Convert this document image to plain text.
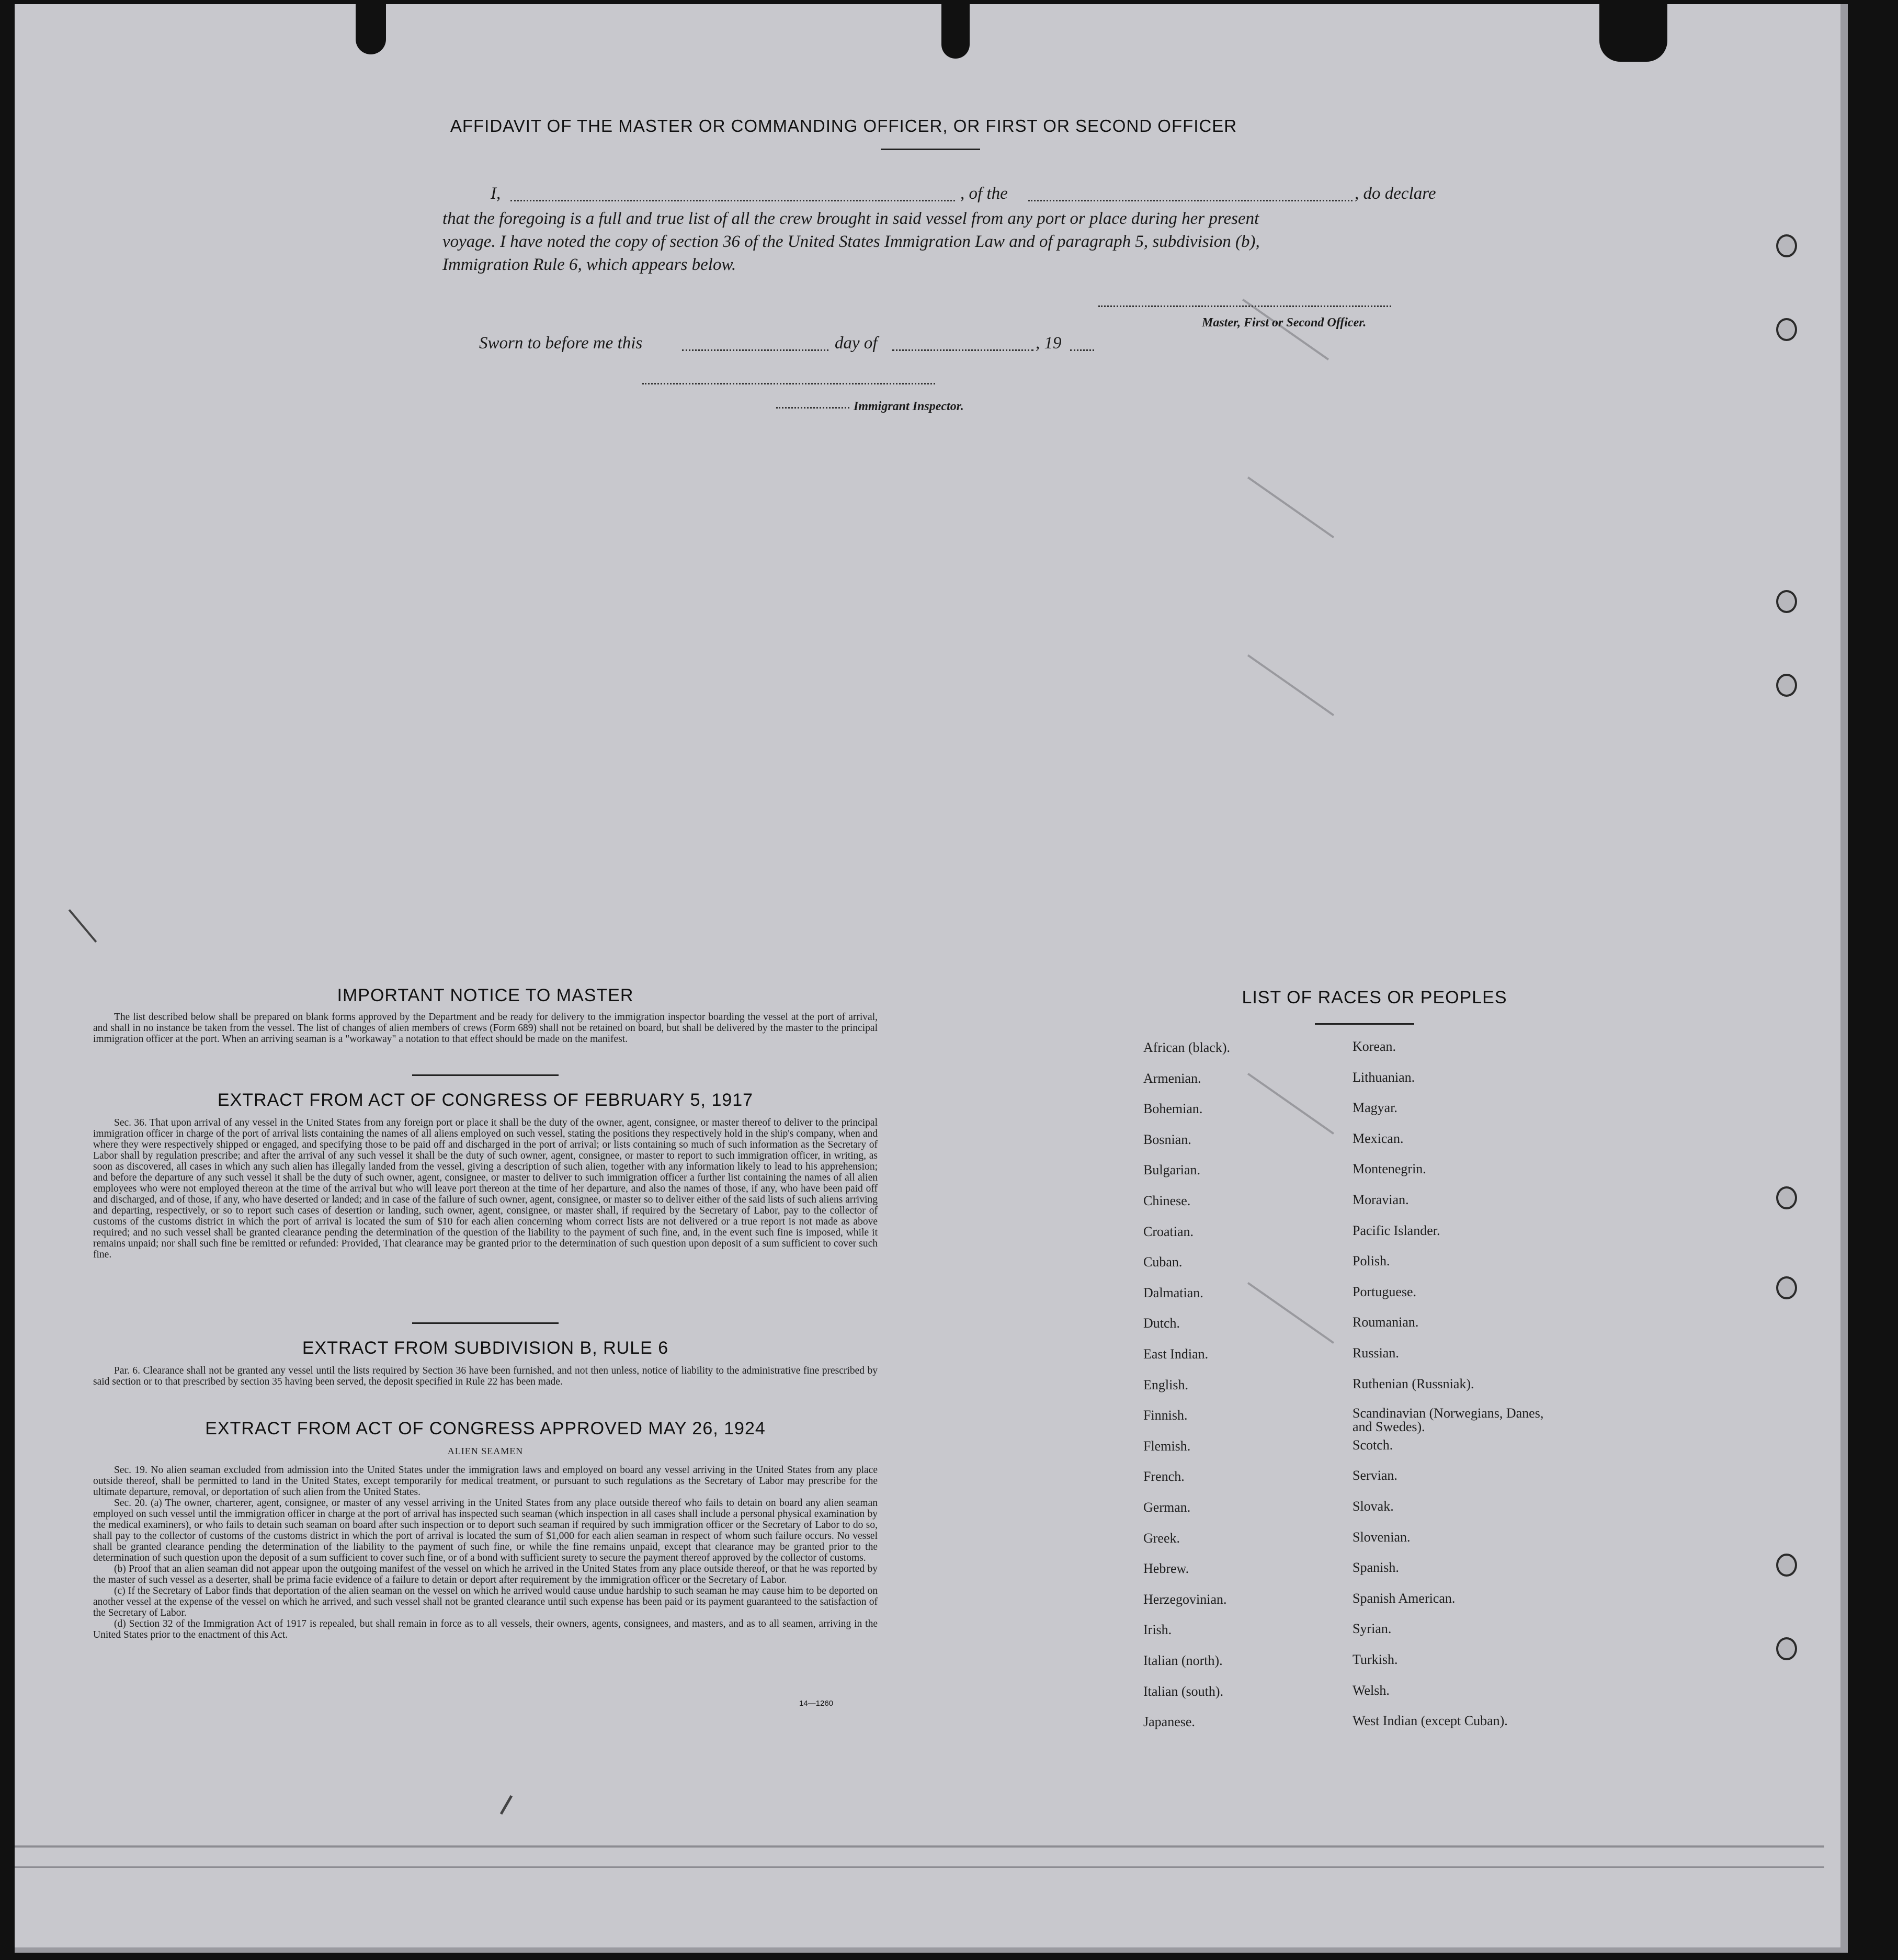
AFFIDAVIT OF THE MASTER OR COMMANDING OFFICER, OR FIRST OR SECOND OFFICER
I,	, of the	, do declare
that the foregoing is a full and true list of all the crew brought in said vessel from any port or place during her present
voyage. I have noted the copy of section 36 of the United States Immigration Law and of paragraph 5, subdivision (b),
Immigration Rule 6, which appears below.
Master, First or Second Officer.
Sworn to before me this	day of	, 19
Immigrant Inspector.
IMPORTANT NOTICE TO MASTER
The list described below shall be prepared on blank forms approved by the Department and be ready for delivery to the immigration inspector boarding the vessel at the port of arrival, and shall in no instance be taken from the vessel. The list of changes of alien members of crews (Form 689) shall not be retained on board, but shall be delivered by the master to the principal immigration officer at the port. When an arriving seaman is a "workaway" a notation to that effect should be made on the manifest.
EXTRACT FROM ACT OF CONGRESS OF FEBRUARY 5, 1917
Sec. 36. That upon arrival of any vessel in the United States from any foreign port or place it shall be the duty of the owner, agent, consignee, or master thereof to deliver to the principal immigration officer in charge of the port of arrival lists containing the names of all aliens employed on such vessel, stating the positions they respectively hold in the ship's company, when and where they were respectively shipped or engaged, and specifying those to be paid off and discharged in the port of arrival; or lists containing so much of such information as the Secretary of Labor shall by regulation prescribe; and after the arrival of any such vessel it shall be the duty of such owner, agent, consignee, or master to report to such immigration officer, in writing, as soon as discovered, all cases in which any such alien has illegally landed from the vessel, giving a description of such alien, together with any information likely to lead to his apprehension; and before the departure of any such vessel it shall be the duty of such owner, agent, consignee, or master to deliver to such immigration officer a further list containing the names of all alien employees who were not employed thereon at the time of the arrival but who will leave port thereon at the time of her departure, and also the names of those, if any, who have been paid off and discharged, and of those, if any, who have deserted or landed; and in case of the failure of such owner, agent, consignee, or master so to deliver either of the said lists of such aliens arriving and departing, respectively, or so to report such cases of desertion or landing, such owner, agent, consignee, or master shall, if required by the Secretary of Labor, pay to the collector of customs of the customs district in which the port of arrival is located the sum of $10 for each alien concerning whom correct lists are not delivered or a true report is not made as above required; and no such vessel shall be granted clearance pending the determination of the question of the liability to the payment of such fine, and, in the event such fine is imposed, while it remains unpaid; nor shall such fine be remitted or refunded: Provided, That clearance may be granted prior to the determination of such question upon deposit of a sum sufficient to cover such fine.
EXTRACT FROM SUBDIVISION B, RULE 6
Par. 6. Clearance shall not be granted any vessel until the lists required by Section 36 have been furnished, and not then unless, notice of liability to the administrative fine prescribed by said section or to that prescribed by section 35 having been served, the deposit specified in Rule 22 has been made.
EXTRACT FROM ACT OF CONGRESS APPROVED MAY 26, 1924
ALIEN SEAMEN

Sec. 19. No alien seaman excluded from admission into the United States under the immigration laws and employed on board any vessel arriving in the United States from any place outside thereof, shall be permitted to land in the United States, except temporarily for medical treatment, or pursuant to such regulations as the Secretary of Labor may prescribe for the ultimate departure, removal, or deportation of such alien from the United States.

Sec. 20. (a) The owner, charterer, agent, consignee, or master of any vessel arriving in the United States from any place outside thereof who fails to detain on board any alien seaman employed on such vessel until the immigration officer in charge at the port of arrival has inspected such seaman (which inspection in all cases shall include a personal physical examination by the medical examiners), or who fails to detain such seaman on board after such inspection or to deport such seaman if required by such immigration officer or the Secretary of Labor to do so, shall pay to the collector of customs of the customs district in which the port of arrival is located the sum of $1,000 for each alien seaman in respect of whom such failure occurs. No vessel shall be granted clearance pending the determination of the liability to the payment of such fine, or while the fine remains unpaid, except that clearance may be granted prior to the determination of such question upon the deposit of a sum sufficient to cover such fine, or of a bond with sufficient surety to secure the payment thereof approved by the collector of customs.

(b) Proof that an alien seaman did not appear upon the outgoing manifest of the vessel on which he arrived in the United States from any place outside thereof, or that he was reported by the master of such vessel as a deserter, shall be prima facie evidence of a failure to detain or deport after requirement by the immigration officer or the Secretary of Labor.

(c) If the Secretary of Labor finds that deportation of the alien seaman on the vessel on which he arrived would cause undue hardship to such seaman he may cause him to be deported on another vessel at the expense of the vessel on which he arrived, and such vessel shall not be granted clearance until such expense has been paid or its payment guaranteed to the satisfaction of the Secretary of Labor.

(d) Section 32 of the Immigration Act of 1917 is repealed, but shall remain in force as to all vessels, their owners, agents, consignees, and masters, and as to all seamen, arriving in the United States prior to the enactment of this Act.

14—1260
LIST OF RACES OR PEOPLES
African (black).	Korean.
Armenian.	Lithuanian.
Bohemian.	Magyar.
Bosnian.	Mexican.
Bulgarian.	Montenegrin.
Chinese.	Moravian.
Croatian.	Pacific Islander.
Cuban.	Polish.
Dalmatian.	Portuguese.
Dutch.	Roumanian.
East Indian.	Russian.
English.	Ruthenian (Russniak).
Finnish.	Scandinavian (Norwegians, Danes, and Swedes).
Flemish.	Scotch.
French.	Servian.
German.	Slovak.
Greek.	Slovenian.
Hebrew.	Spanish.
Herzegovinian.	Spanish American.
Irish.	Syrian.
Italian (north).	Turkish.
Italian (south).	Welsh.
Japanese.	West Indian (except Cuban).
